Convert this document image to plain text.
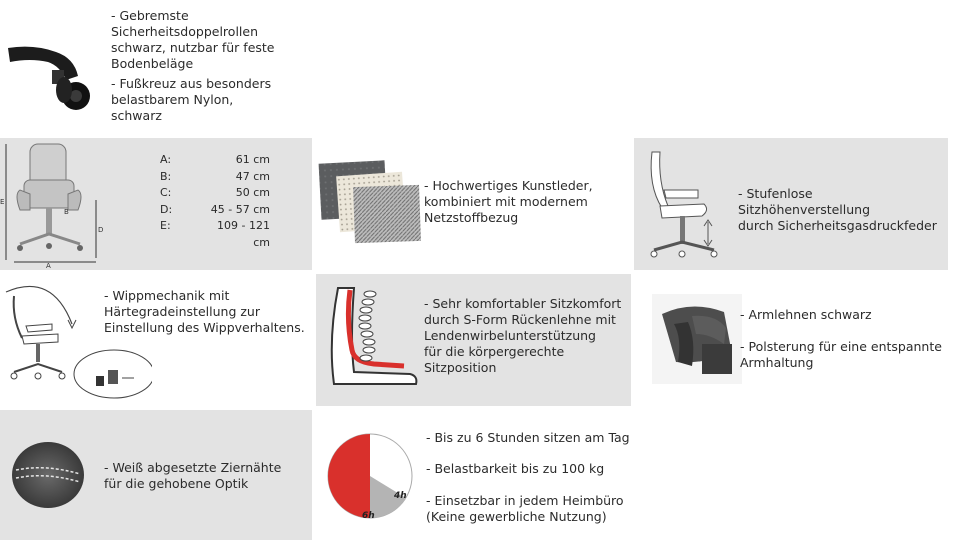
- Gebremste
Sicherheitsdoppelrollen
schwarz, nutzbar für feste
Bodenbeläge
- Fußkreuz aus besonders
belastbarem Nylon,
schwarz
E
A
B
D
A:	61 cm
B:	47 cm
C:	50 cm
D:	45 - 57 cm
E:	109 - 121 cm
- Hochwertiges Kunstleder,
kombiniert mit modernem
Netzstoffbezug
- Stufenlose Sitzhöhenverstellung
durch Sicherheitsgasdruckfeder
- Wippmechanik mit
Härtegradeinstellung zur
Einstellung des Wippverhaltens.
- Sehr komfortabler Sitzkomfort
durch S-Form Rückenlehne mit
Lendenwirbelunterstützung
für die körpergerechte
Sitzposition
- Armlehnen schwarz
- Polsterung für eine entspannte
Armhaltung
- Weiß abgesetzte Ziernähte
für die gehobene Optik
4h
6h
- Bis zu 6 Stunden sitzen am Tag
- Belastbarkeit bis zu 100 kg
- Einsetzbar in jedem Heimbüro
(Keine gewerbliche Nutzung)
